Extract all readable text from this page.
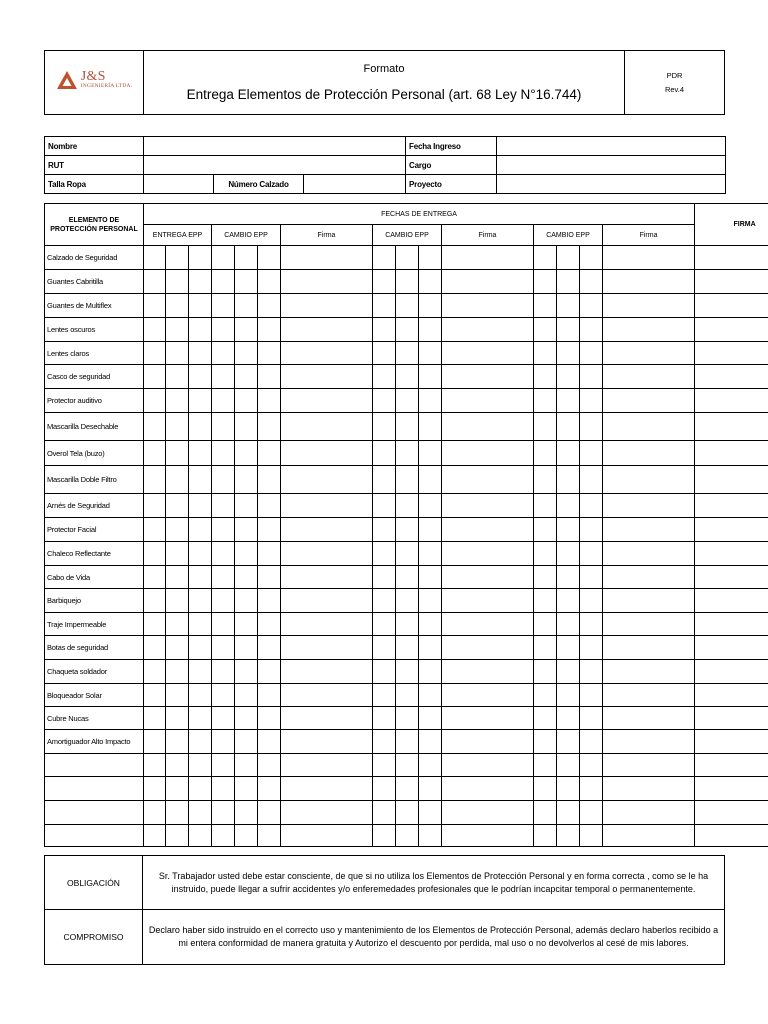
J&S
INGENIERÍA LTDA.

Formato
Entrega Elementos de Protección Personal (art. 68 Ley N°16.744)

PDR
Rev.4
Nombre				Fecha Ingreso	
RUT				Cargo	
Talla Ropa		Número Calzado		Proyecto	
ELEMENTO DE PROTECCIÓN PERSONAL	FECHAS DE ENTREGA															FIRMA
	ENTREGA EPP			CAMBIO EPP			Firma	CAMBIO EPP			Firma	CAMBIO EPP			Firma	
Calzado de Seguridad																
Guantes Cabritilla																
Guantes de Multiflex																
Lentes oscuros																
Lentes claros																
Casco de seguridad																
Protector auditivo																
Mascarilla Desechable																
Overol Tela (buzo)																
Mascarilla Doble Filtro																
Arnés de Seguridad																
Protector Facial																
Chaleco Reflectante																
Cabo de Vida																
Barbiquejo																
Traje Impermeable																
Botas de seguridad																
Chaqueta soldador																
Bloqueador Solar																
Cubre Nucas																
Amortiguador Alto Impacto																

OBLIGACIÓN	Sr. Trabajador usted debe estar consciente, de que si no utiliza los Elementos de Protección Personal y en forma correcta , como se le ha instruido, puede llegar a sufrir accidentes y/o enferemedades profesionales que le podrían incapcitar temporal o permanentemente.
COMPROMISO	Declaro haber sido instruido en el correcto uso y mantenimiento de los Elementos de Protección Personal, además declaro haberlos recibido a mi entera conformidad de manera gratuita y Autorizo el descuento por perdida, mal uso o no devolverlos al cesé de mis labores.
